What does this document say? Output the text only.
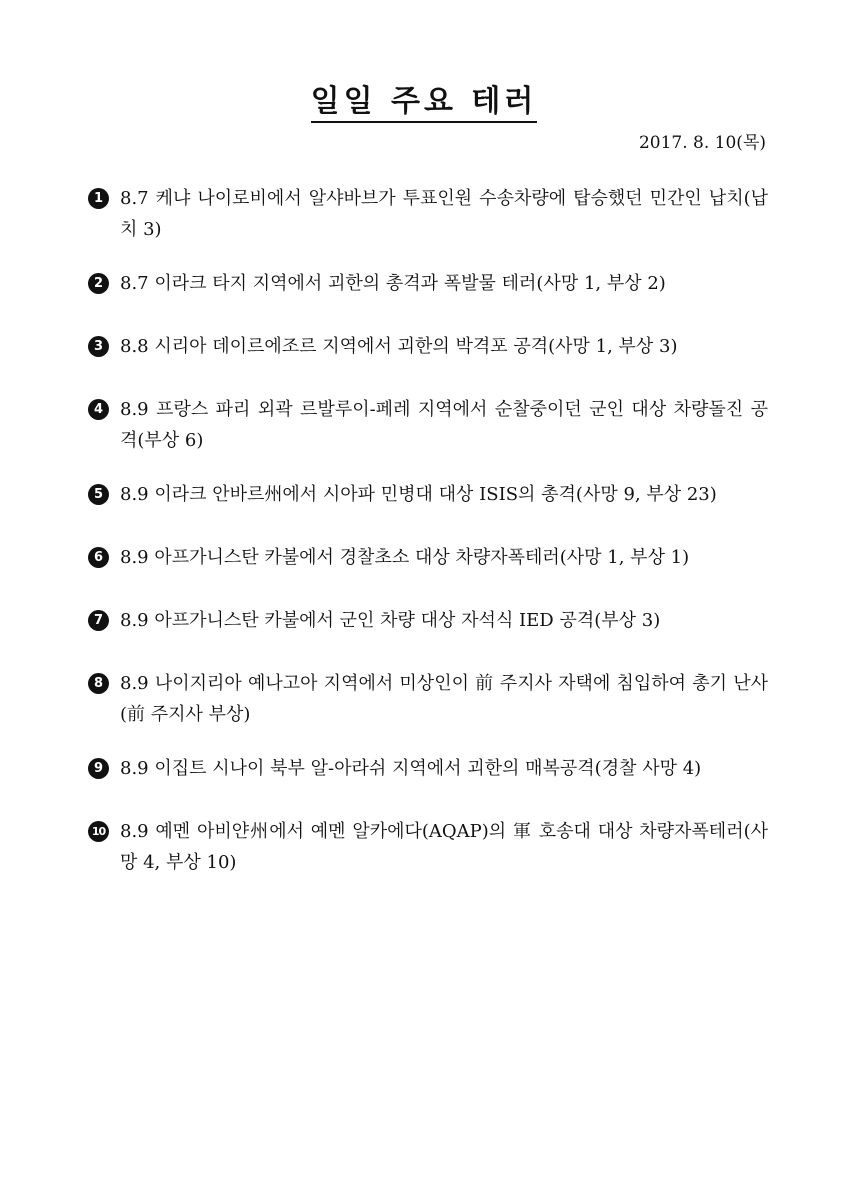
일일 주요 테러
2017. 8. 10(목)
1 8.7 케냐 나이로비에서 알샤바브가 투표인원 수송차량에 탑승했던 민간인 납치(납치 3)
2 8.7 이라크 타지 지역에서 괴한의 총격과 폭발물 테러(사망 1, 부상 2)
3 8.8 시리아 데이르에조르 지역에서 괴한의 박격포 공격(사망 1, 부상 3)
4 8.9 프랑스 파리 외곽 르발루이-페레 지역에서 순찰중이던 군인 대상 차량돌진 공격(부상 6)
5 8.9 이라크 안바르州에서 시아파 민병대 대상 ISIS의 총격(사망 9, 부상 23)
6 8.9 아프가니스탄 카불에서 경찰초소 대상 차량자폭테러(사망 1, 부상 1)
7 8.9 아프가니스탄 카불에서 군인 차량 대상 자석식 IED 공격(부상 3)
8 8.9 나이지리아 예나고아 지역에서 미상인이 前 주지사 자택에 침입하여 총기 난사(前 주지사 부상)
9 8.9 이집트 시나이 북부 알-아라쉬 지역에서 괴한의 매복공격(경찰 사망 4)
10 8.9 예멘 아비얀州에서 예멘 알카에다(AQAP)의 軍 호송대 대상 차량자폭테러(사망 4, 부상 10)
